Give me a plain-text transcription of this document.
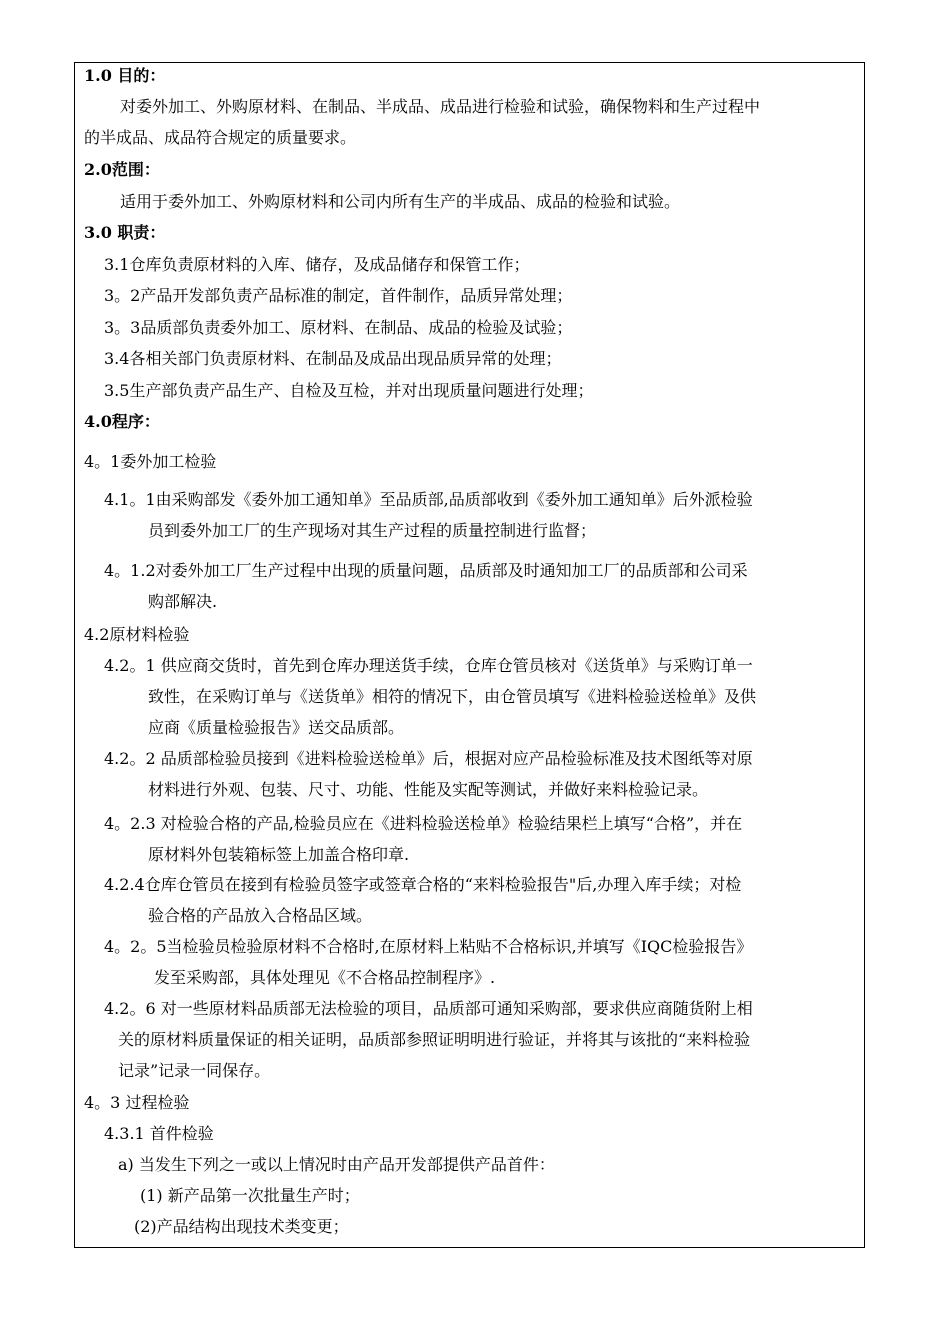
1.0 目的：
对委外加工、外购原材料、在制品、半成品、成品进行检验和试验，确保物料和生产过程中
的半成品、成品符合规定的质量要求。
2.0范围：
适用于委外加工、外购原材料和公司内所有生产的半成品、成品的检验和试验。
3.0 职责：
3.1仓库负责原材料的入库、储存，及成品储存和保管工作；
3。2产品开发部负责产品标准的制定，首件制作，品质异常处理；
3。3品质部负责委外加工、原材料、在制品、成品的检验及试验；
3.4各相关部门负责原材料、在制品及成品出现品质异常的处理；
3.5生产部负责产品生产、自检及互检，并对出现质量问题进行处理；
4.0程序：
4。1委外加工检验
4.1。1由采购部发《委外加工通知单》至品质部,品质部收到《委外加工通知单》后外派检验
员到委外加工厂的生产现场对其生产过程的质量控制进行监督；
4。1.2对委外加工厂生产过程中出现的质量问题，品质部及时通知加工厂的品质部和公司采
购部解决.
4.2原材料检验
4.2。1 供应商交货时，首先到仓库办理送货手续，仓库仓管员核对《送货单》与采购订单一
致性，在采购订单与《送货单》相符的情况下，由仓管员填写《进料检验送检单》及供
应商《质量检验报告》送交品质部。
4.2。2 品质部检验员接到《进料检验送检单》后，根据对应产品检验标准及技术图纸等对原
材料进行外观、包装、尺寸、功能、性能及实配等测试，并做好来料检验记录。
4。2.3 对检验合格的产品,检验员应在《进料检验送检单》检验结果栏上填写“合格”，并在
原材料外包装箱标签上加盖合格印章.
4.2.4仓库仓管员在接到有检验员签字或签章合格的“来料检验报告"后,办理入库手续；对检
验合格的产品放入合格品区域。
4。2。5当检验员检验原材料不合格时,在原材料上粘贴不合格标识,并填写《IQC检验报告》
发至采购部，具体处理见《不合格品控制程序》.
4.2。6 对一些原材料品质部无法检验的项目，品质部可通知采购部，要求供应商随货附上相
关的原材料质量保证的相关证明，品质部参照证明明进行验证，并将其与该批的“来料检验
记录”记录一同保存。
4。3 过程检验
4.3.1 首件检验
a) 当发生下列之一或以上情况时由产品开发部提供产品首件：
(1) 新产品第一次批量生产时；
(2)产品结构出现技术类变更；
